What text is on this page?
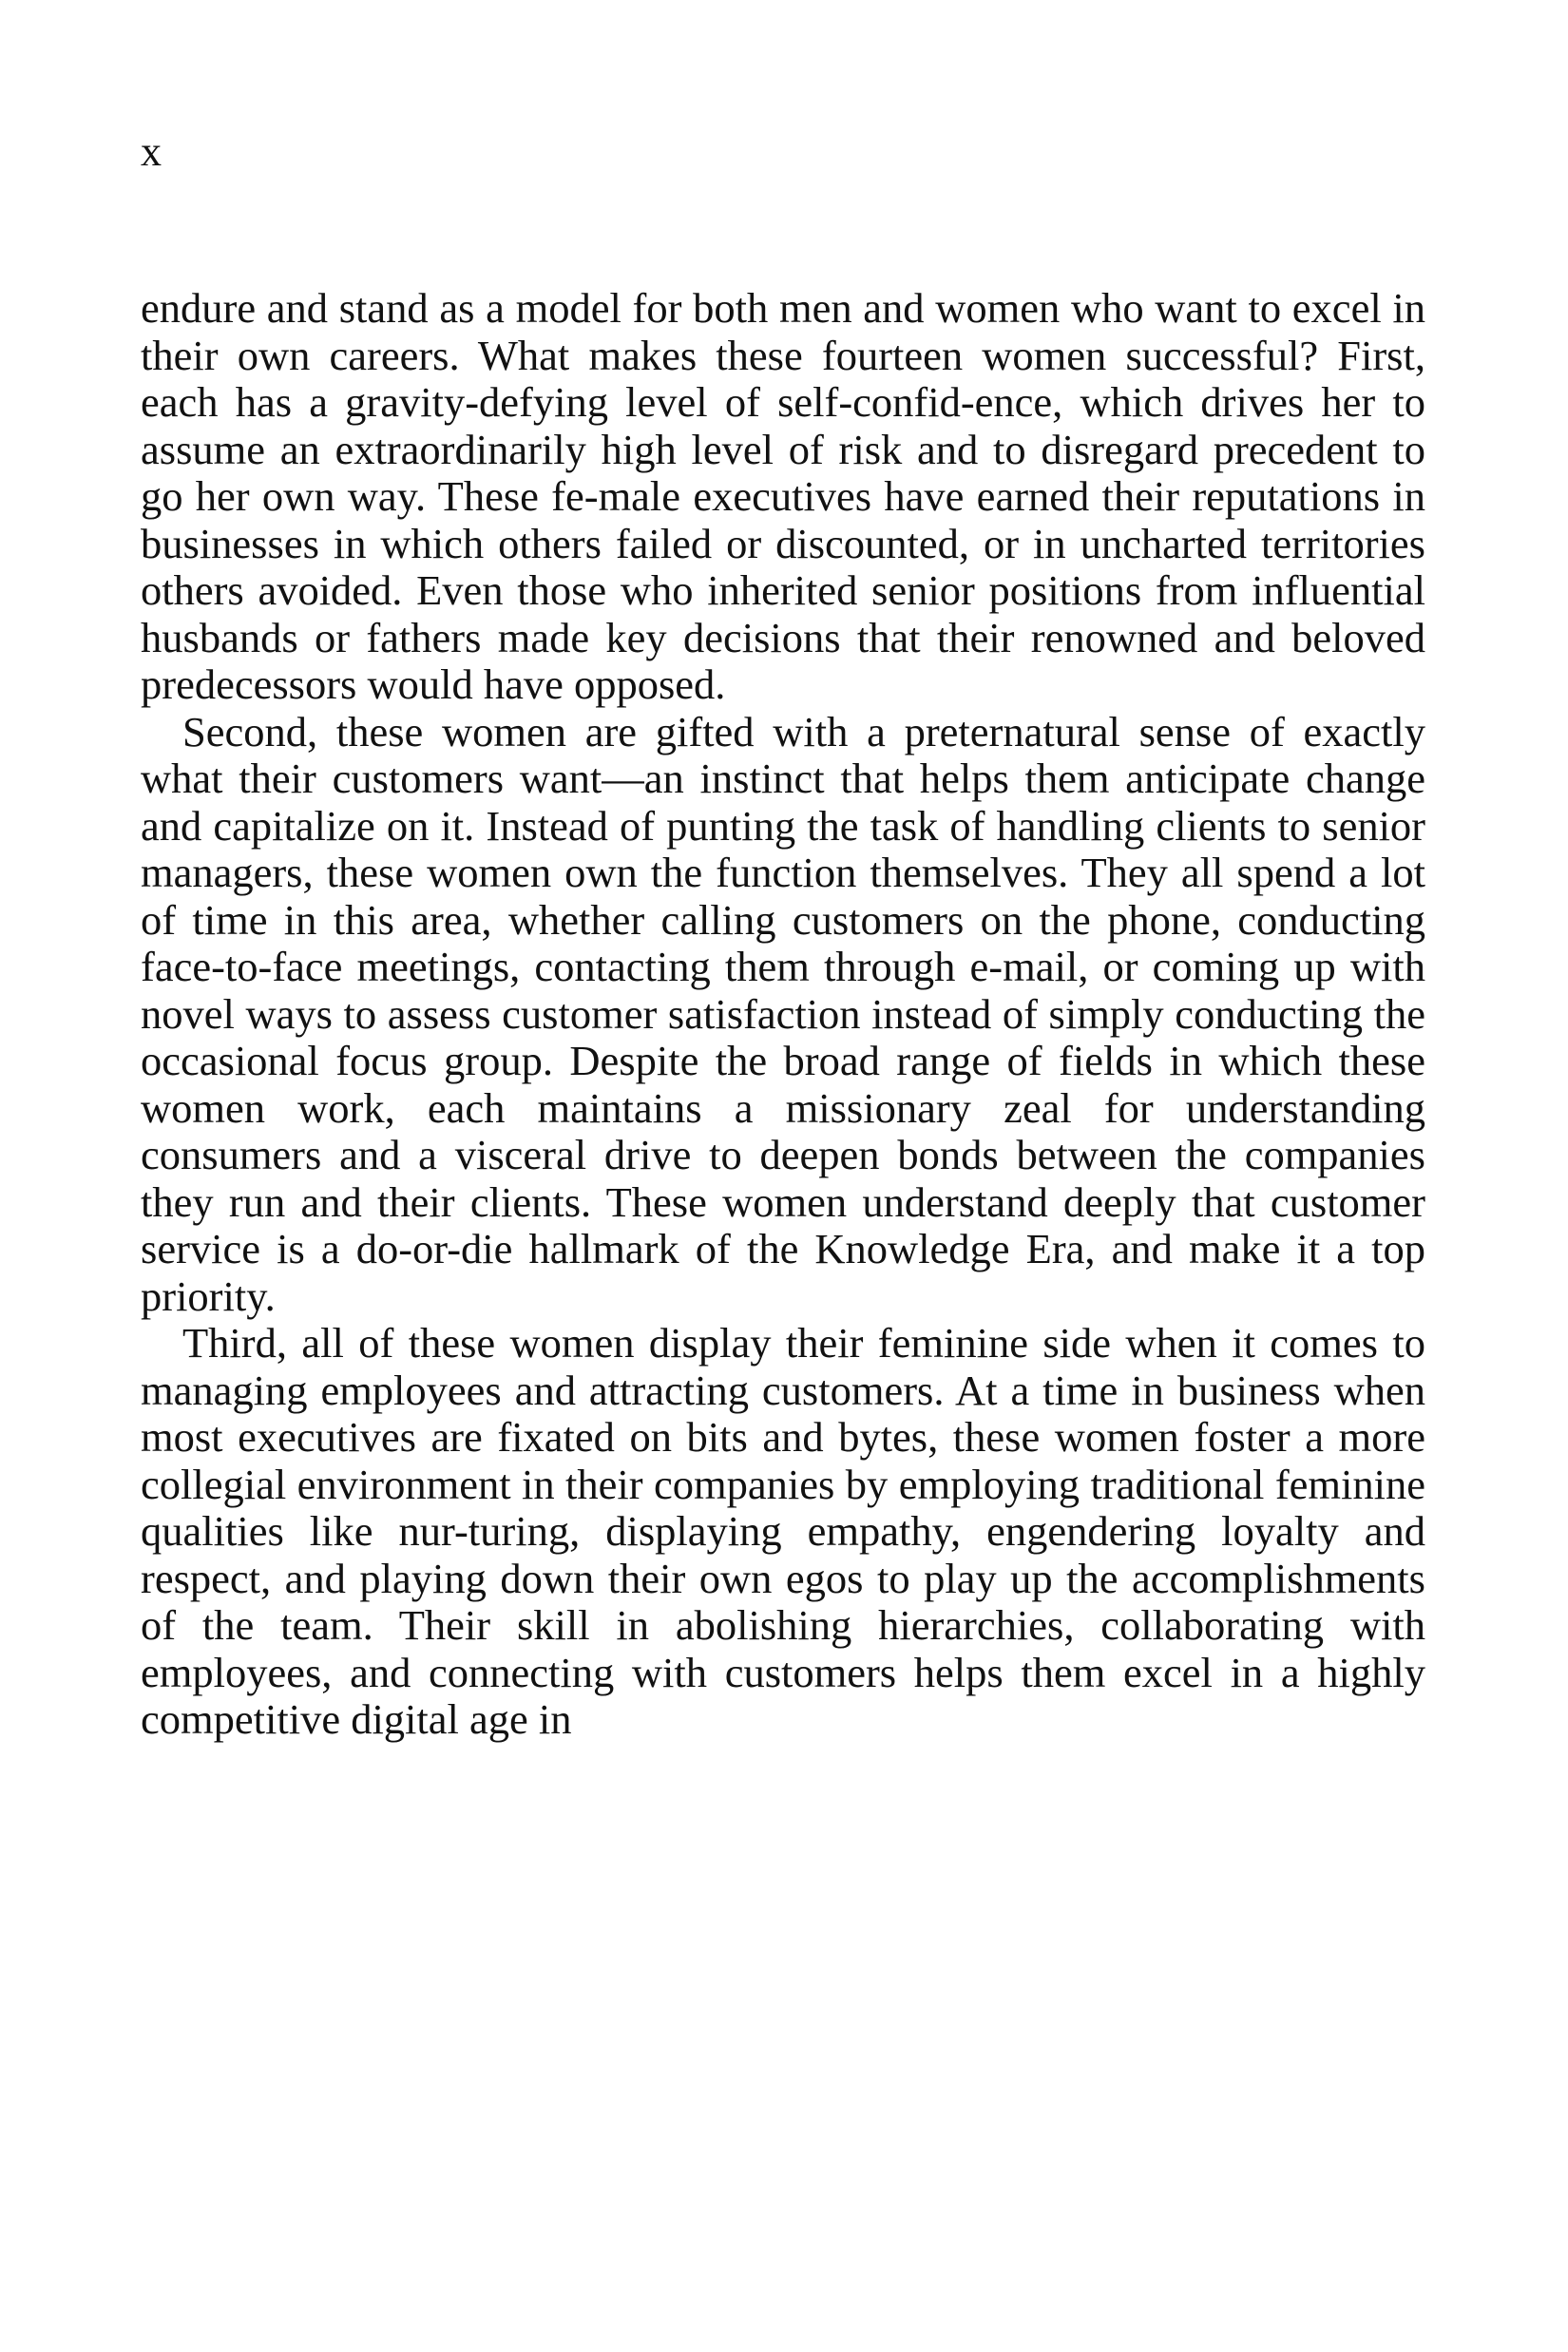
x

endure and stand as a model for both men and women who want to excel in their own careers. What makes these fourteen women successful? First, each has a gravity-defying level of self-confid-ence, which drives her to assume an extraordinarily high level of risk and to disregard precedent to go her own way. These fe-male executives have earned their reputations in businesses in which others failed or discounted, or in uncharted territories others avoided. Even those who inherited senior positions from influential husbands or fathers made key decisions that their renowned and beloved predecessors would have opposed.

Second, these women are gifted with a preternatural sense of exactly what their customers want—an instinct that helps them anticipate change and capitalize on it. Instead of punting the task of handling clients to senior managers, these women own the function themselves. They all spend a lot of time in this area, whether calling customers on the phone, conducting face-to-face meetings, contacting them through e-mail, or coming up with novel ways to assess customer satisfaction instead of simply conducting the occasional focus group. Despite the broad range of fields in which these women work, each maintains a missionary zeal for understanding consumers and a visceral drive to deepen bonds between the companies they run and their clients. These women understand deeply that customer service is a do-or-die hallmark of the Knowledge Era, and make it a top priority.

Third, all of these women display their feminine side when it comes to managing employees and attracting customers. At a time in business when most executives are fixated on bits and bytes, these women foster a more collegial environment in their companies by employing traditional feminine qualities like nur-turing, displaying empathy, engendering loyalty and respect, and playing down their own egos to play up the accomplishments of the team. Their skill in abolishing hierarchies, collaborating with employees, and connecting with customers helps them excel in a highly competitive digital age in
